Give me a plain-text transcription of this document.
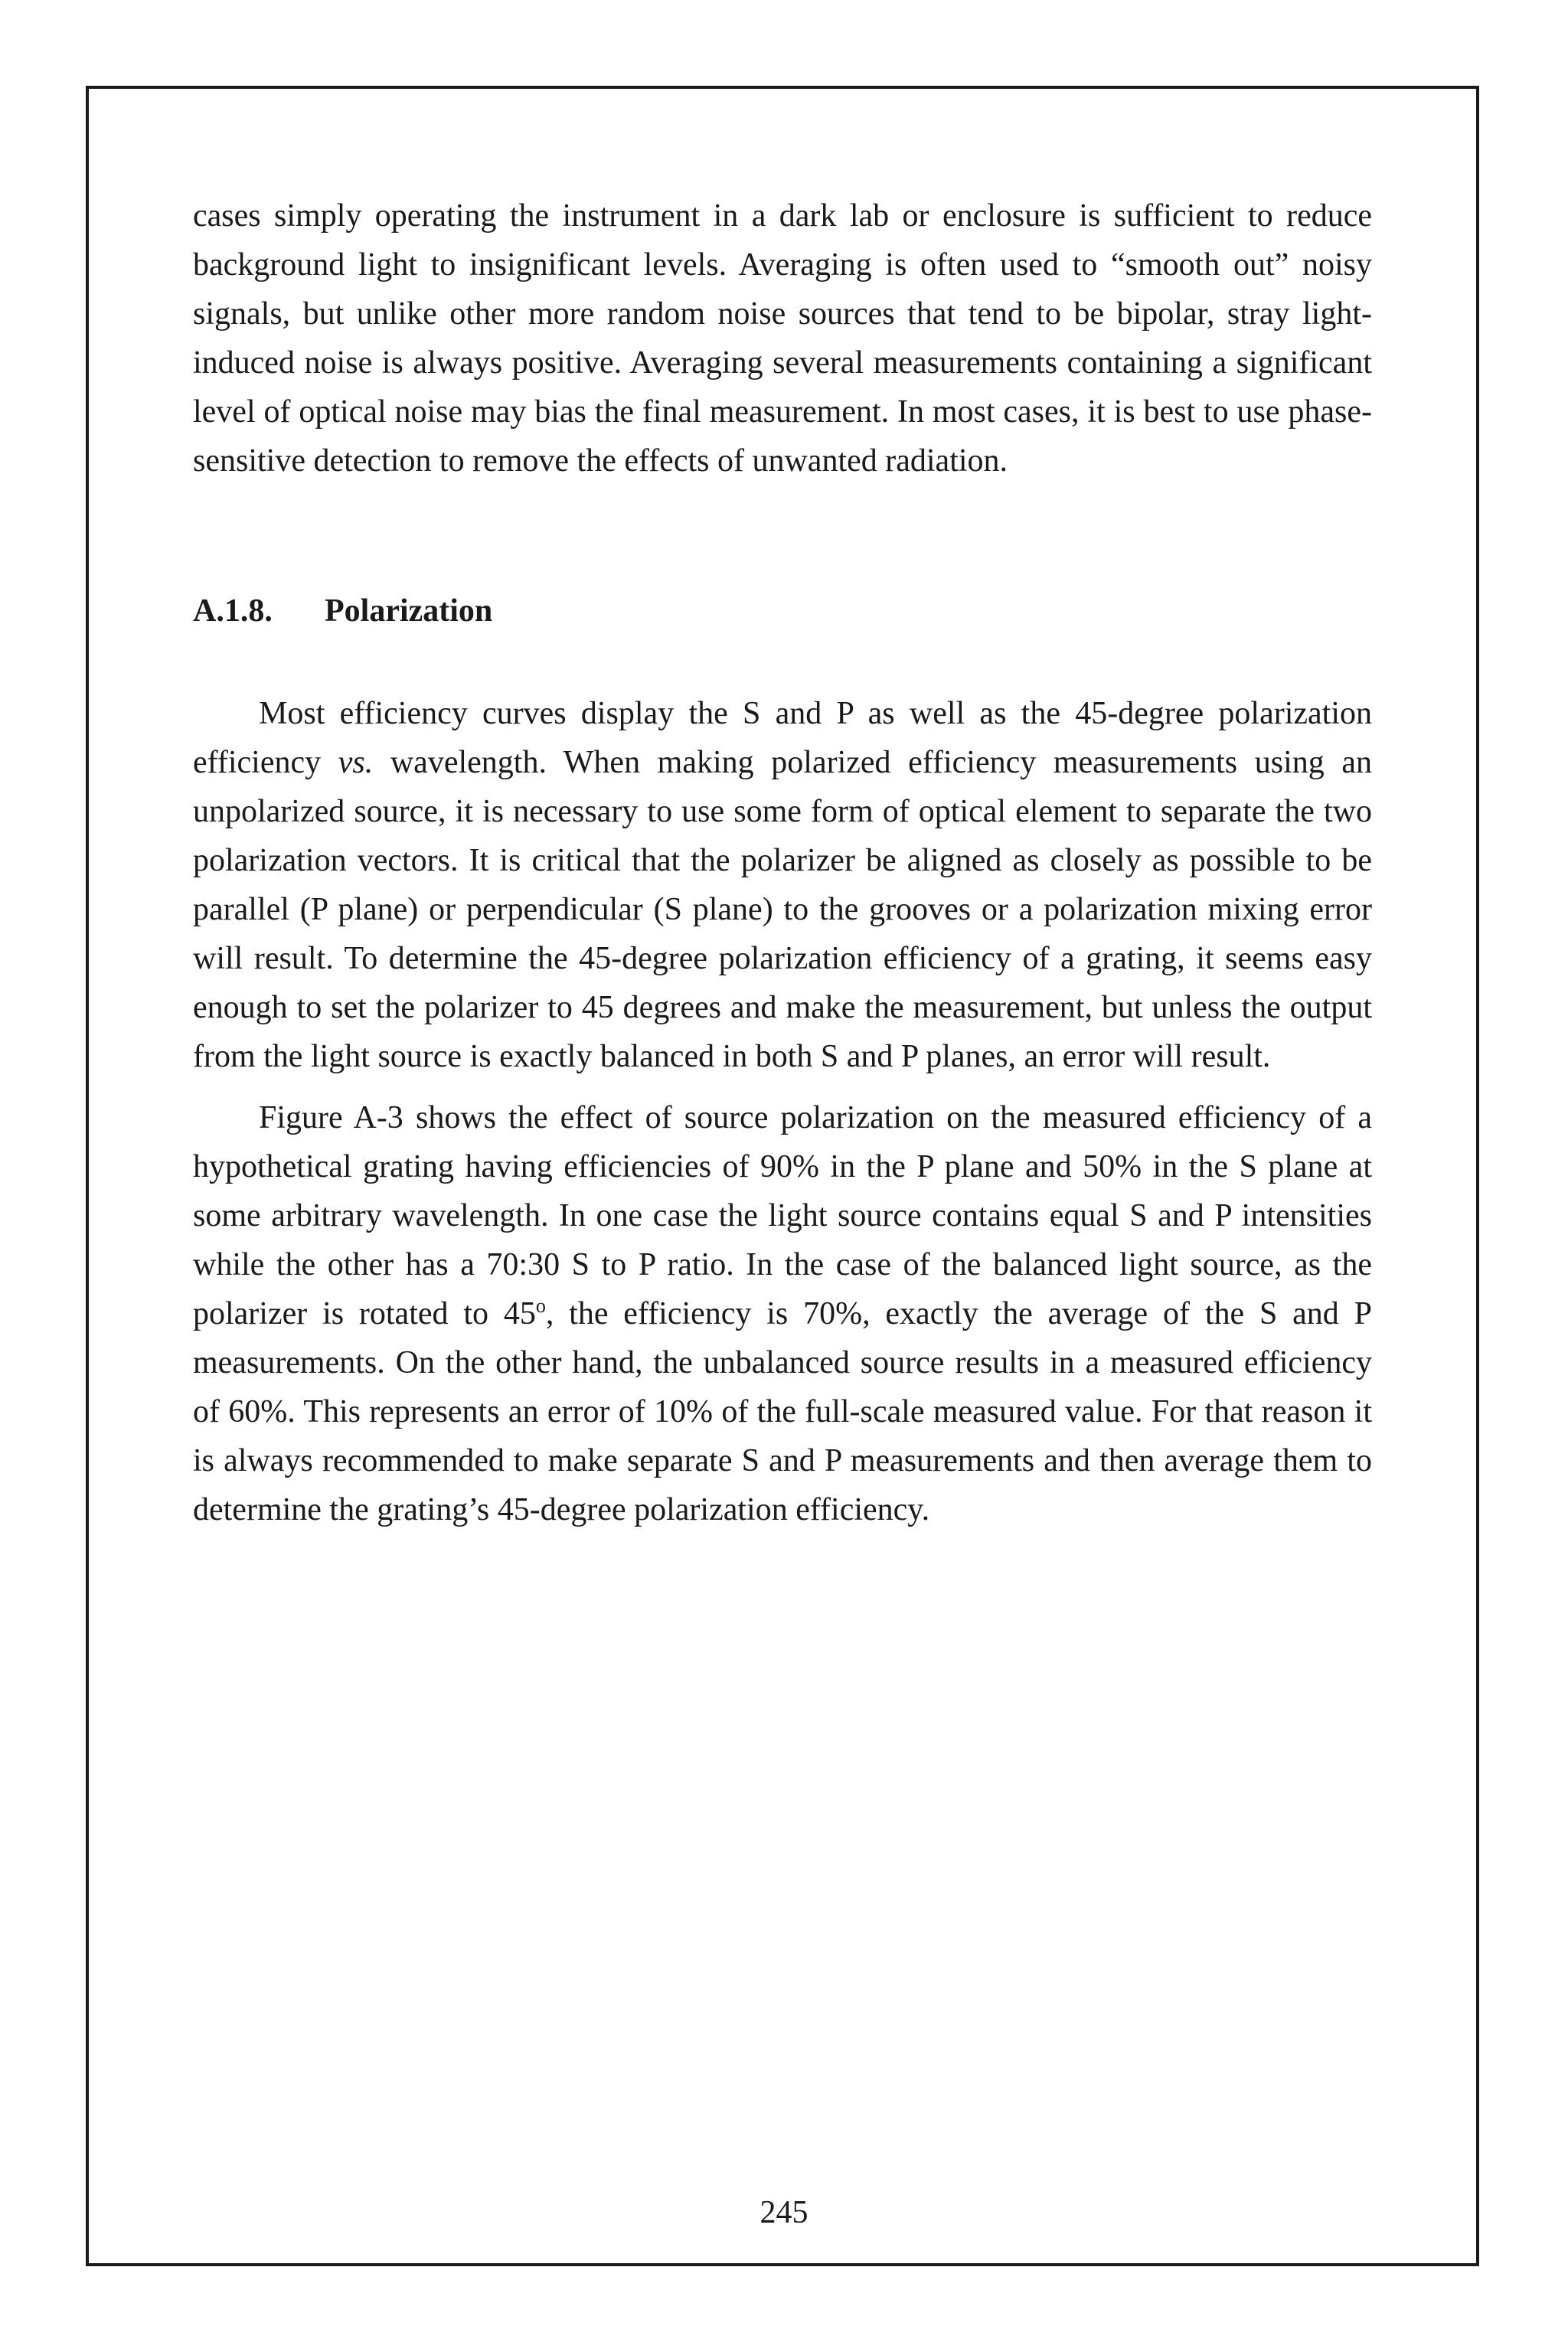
cases simply operating the instrument in a dark lab or enclosure is sufficient to reduce background light to insignificant levels. Averaging is often used to “smooth out” noisy signals, but unlike other more random noise sources that tend to be bipolar, stray light-induced noise is always positive. Averaging several measurements containing a significant level of optical noise may bias the final measurement. In most cases, it is best to use phase-sensitive detection to remove the effects of unwanted radiation.

A.1.8.	Polarization

Most efficiency curves display the S and P as well as the 45-degree polarization efficiency vs. wavelength. When making polarized efficiency measurements using an unpolarized source, it is necessary to use some form of optical element to separate the two polarization vectors. It is critical that the polarizer be aligned as closely as possible to be parallel (P plane) or perpendicular (S plane) to the grooves or a polarization mixing error will result. To determine the 45-degree polarization efficiency of a grating, it seems easy enough to set the polarizer to 45 degrees and make the measurement, but unless the output from the light source is exactly balanced in both S and P planes, an error will result.

Figure A-3 shows the effect of source polarization on the measured efficiency of a hypothetical grating having efficiencies of 90% in the P plane and 50% in the S plane at some arbitrary wavelength. In one case the light source contains equal S and P intensities while the other has a 70:30 S to P ratio. In the case of the balanced light source, as the polarizer is rotated to 45$^o$, the efficiency is 70%, exactly the average of the S and P measurements. On the other hand, the unbalanced source results in a measured efficiency of 60%. This represents an error of 10% of the full-scale measured value. For that reason it is always recommended to make separate S and P measurements and then average them to determine the grating’s 45-degree polarization efficiency.

245
